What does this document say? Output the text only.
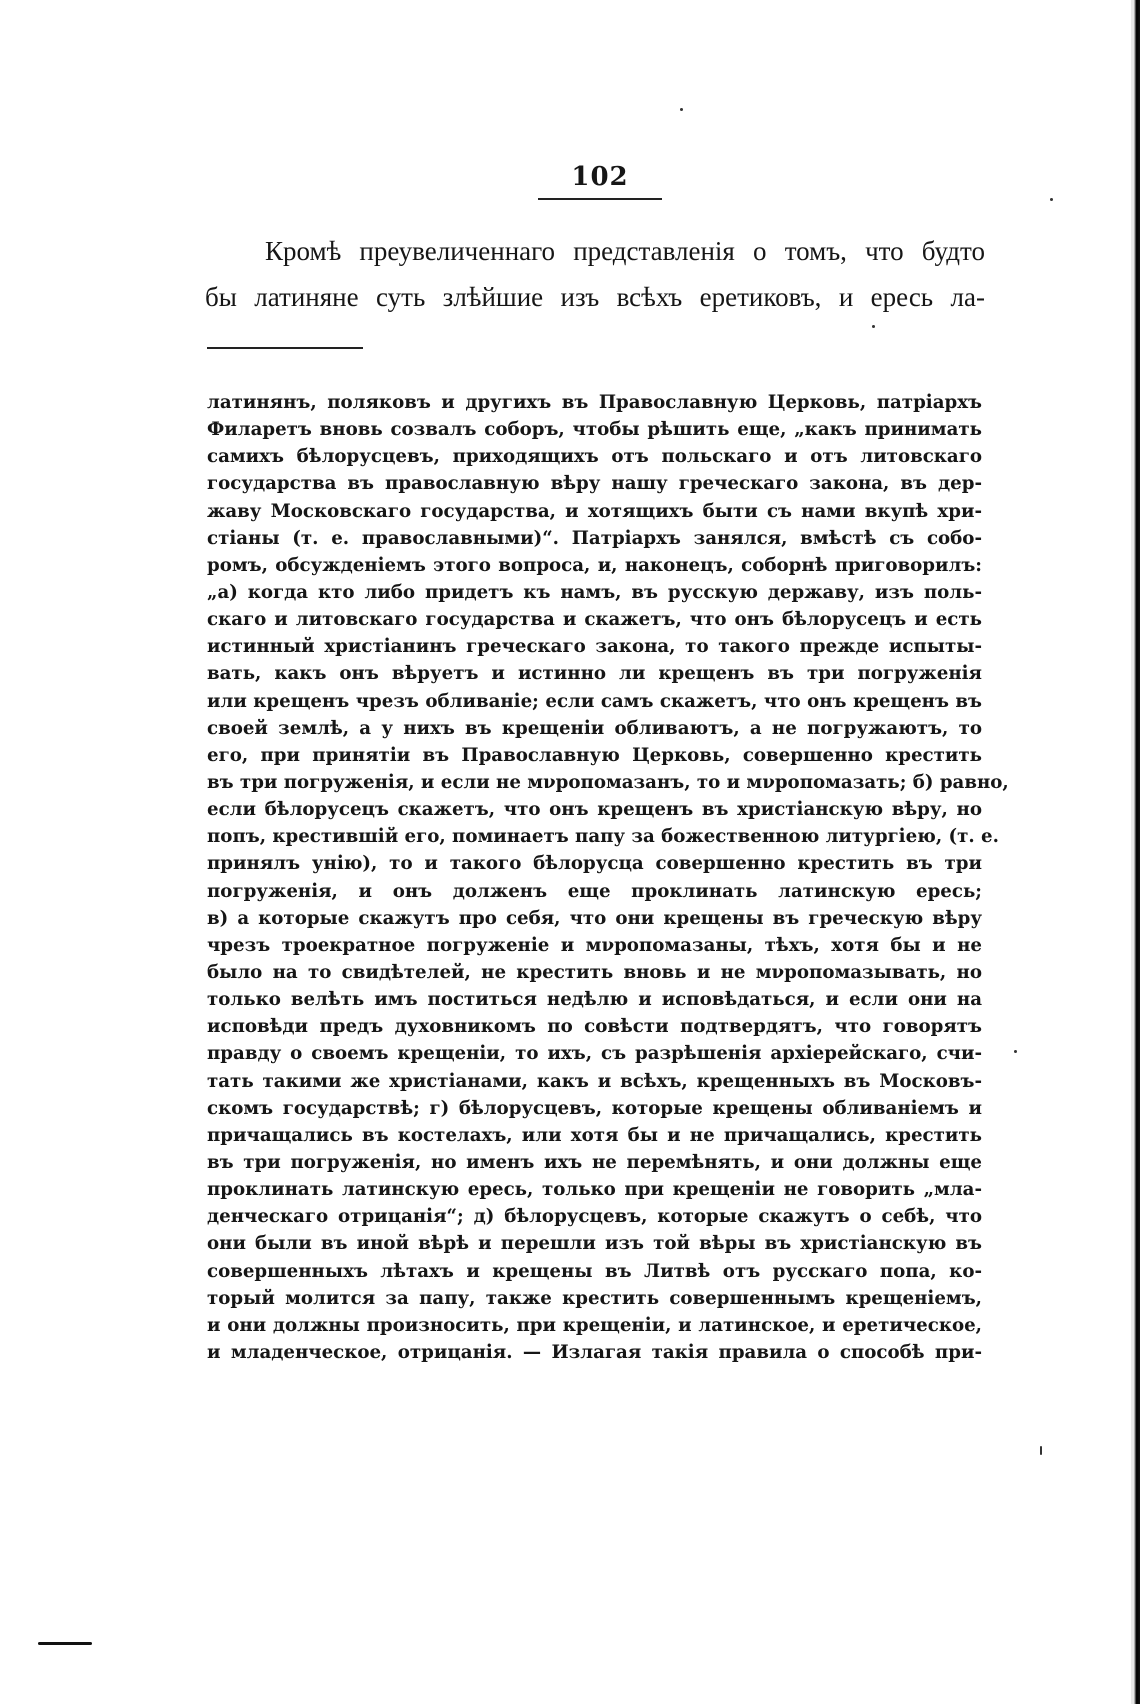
102
Кромѣ преувеличеннаго представленія о томъ, что будто
бы латиняне суть злѣйшие изъ всѣхъ еретиковъ, и ересь ла-
латинянъ, поляковъ и другихъ въ Православную Церковь, патріархъ
Филаретъ вновь созвалъ соборъ, чтобы рѣшить еще, „какъ принимать
самихъ бѣлорусцевъ, приходящихъ отъ польскаго и отъ литовскаго
государства въ православную вѣру нашу греческаго закона, въ дер-
жаву Московскаго государства, и хотящихъ быти съ нами вкупѣ хри-
стіаны (т. е. православными)“. Патріархъ занялся, вмѣстѣ съ собо-
ромъ, обсужденіемъ этого вопроса, и, наконецъ, соборнѣ приговорилъ:
„а) когда кто либо придетъ къ намъ, въ русскую державу, изъ поль-
скаго и литовскаго государства и скажетъ, что онъ бѣлорусецъ и есть
истинный христіанинъ греческаго закона, то такого прежде испыты-
вать, какъ онъ вѣруетъ и истинно ли крещенъ въ три погруженія
или крещенъ чрезъ обливаніе; если самъ скажетъ, что онъ крещенъ въ
своей землѣ, а у нихъ въ крещеніи обливаютъ, а не погружаютъ, то
его, при принятіи въ Православную Церковь, совершенно крестить
въ три погруженія, и если не мνропомазанъ, то и мνропомазать; б) равно,
если бѣлорусецъ скажетъ, что онъ крещенъ въ христіанскую вѣру, но
попъ, крестившій его, поминаетъ папу за божественною литургіею, (т. е.
принялъ унію), то и такого бѣлорусца совершенно крестить въ три
погруженія, и онъ долженъ еще проклинать латинскую ересь;
в) а которые скажутъ про себя, что они крещены въ греческую вѣру
чрезъ троекратное погруженіе и мνропомазаны, тѣхъ, хотя бы и не
было на то свидѣтелей, не крестить вновь и не мνропомазывать, но
только велѣть имъ поститься недѣлю и исповѣдаться, и если они на
исповѣди предъ духовникомъ по совѣсти подтвердятъ, что говорятъ
правду о своемъ крещеніи, то ихъ, съ разрѣшенія архіерейскаго, счи-
тать такими же христіанами, какъ и всѣхъ, крещенныхъ въ Московъ-
скомъ государствѣ; г) бѣлорусцевъ, которые крещены обливаніемъ и
причащались въ костелахъ, или хотя бы и не причащались, крестить
въ три погруженія, но именъ ихъ не перемѣнять, и они должны еще
проклинать латинскую ересь, только при крещеніи не говорить „мла-
денческаго отрицанія“; д) бѣлорусцевъ, которые скажутъ о себѣ, что
они были въ иной вѣрѣ и перешли изъ той вѣры въ христіанскую въ
совершенныхъ лѣтахъ и крещены въ Литвѣ отъ русскаго попа, ко-
торый молится за папу, также крестить совершеннымъ крещеніемъ,
и они должны произносить, при крещеніи, и латинское, и еретическое,
и младенческое, отрицанія. — Излагая такія правила о способѣ при-
